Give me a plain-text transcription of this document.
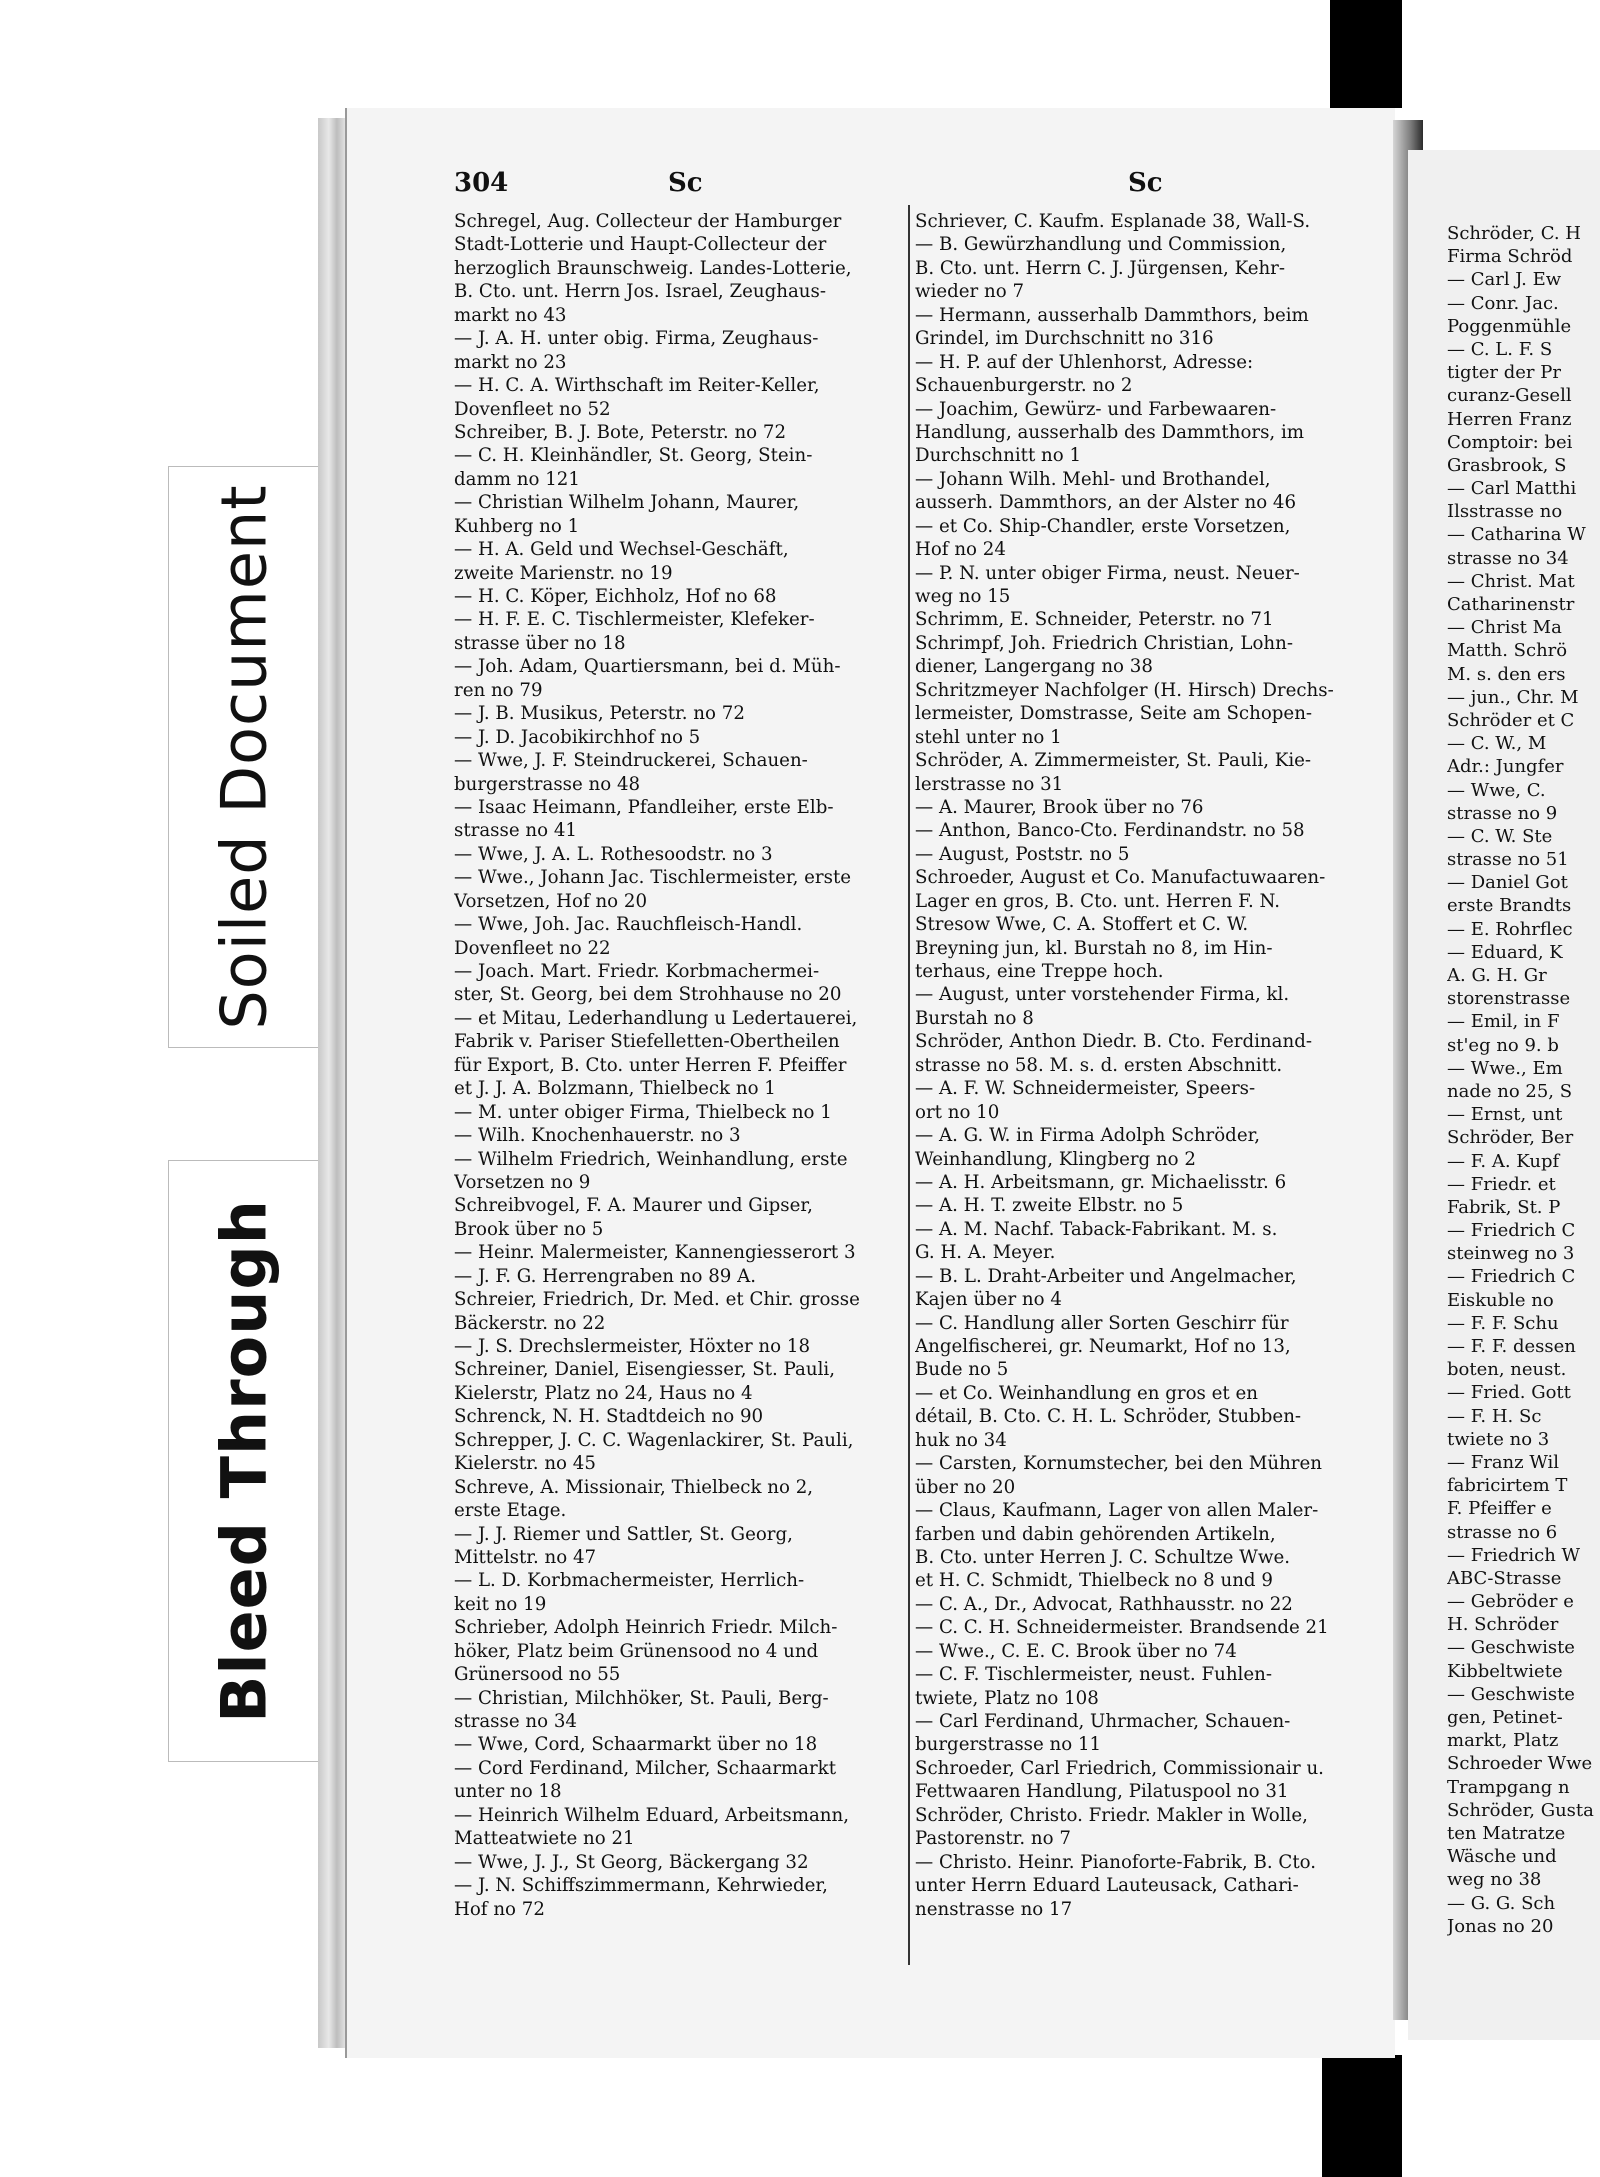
Soiled Document
Bleed Through
304	Sc	Sc
Schregel, Aug. Collecteur der Hamburger
Stadt-Lotterie und Haupt-Collecteur der
herzoglich Braunschweig. Landes-Lotterie,
B. Cto. unt. Herrn Jos. Israel, Zeughaus-
markt no 43
— J. A. H. unter obig. Firma, Zeughaus-
markt no 23
— H. C. A. Wirthschaft im Reiter-Keller,
Dovenfleet no 52
Schreiber, B. J. Bote, Peterstr. no 72
— C. H. Kleinhändler, St. Georg, Stein-
damm no 121
— Christian Wilhelm Johann, Maurer,
Kuhberg no 1
— H. A. Geld und Wechsel-Geschäft,
zweite Marienstr. no 19
— H. C. Köper, Eichholz, Hof no 68
— H. F. E. C. Tischlermeister, Klefeker-
strasse über no 18
— Joh. Adam, Quartiersmann, bei d. Müh-
ren no 79
— J. B. Musikus, Peterstr. no 72
— J. D. Jacobikirchhof no 5
— Wwe, J. F. Steindruckerei, Schauen-
burgerstrasse no 48
— Isaac Heimann, Pfandleiher, erste Elb-
strasse no 41
— Wwe, J. A. L. Rothesoodstr. no 3
— Wwe., Johann Jac. Tischlermeister, erste
Vorsetzen, Hof no 20
— Wwe, Joh. Jac. Rauchfleisch-Handl.
Dovenfleet no 22
— Joach. Mart. Friedr. Korbmachermei-
ster, St. Georg, bei dem Strohhause no 20
— et Mitau, Lederhandlung u Ledertauerei,
Fabrik v. Pariser Stiefelletten-Obertheilen
für Export, B. Cto. unter Herren F. Pfeiffer
et J. J. A. Bolzmann, Thielbeck no 1
— M. unter obiger Firma, Thielbeck no 1
— Wilh. Knochenhauerstr. no 3
— Wilhelm Friedrich, Weinhandlung, erste
Vorsetzen no 9
Schreibvogel, F. A. Maurer und Gipser,
Brook über no 5
— Heinr. Malermeister, Kannengiesserort 3
— J. F. G. Herrengraben no 89 A.
Schreier, Friedrich, Dr. Med. et Chir. grosse
Bäckerstr. no 22
— J. S. Drechslermeister, Höxter no 18
Schreiner, Daniel, Eisengiesser, St. Pauli,
Kielerstr, Platz no 24, Haus no 4
Schrenck, N. H. Stadtdeich no 90
Schrepper, J. C. C. Wagenlackirer, St. Pauli,
Kielerstr. no 45
Schreve, A. Missionair, Thielbeck no 2,
erste Etage.
— J. J. Riemer und Sattler, St. Georg,
Mittelstr. no 47
— L. D. Korbmachermeister, Herrlich-
keit no 19
Schrieber, Adolph Heinrich Friedr. Milch-
höker, Platz beim Grünensood no 4 und
Grünersood no 55
— Christian, Milchhöker, St. Pauli, Berg-
strasse no 34
— Wwe, Cord, Schaarmarkt über no 18
— Cord Ferdinand, Milcher, Schaarmarkt
unter no 18
— Heinrich Wilhelm Eduard, Arbeitsmann,
Matteatwiete no 21
— Wwe, J. J., St Georg, Bäckergang 32
— J. N. Schiffszimmermann, Kehrwieder,
Hof no 72
Schriever, C. Kaufm. Esplanade 38, Wall-S.
— B. Gewürzhandlung und Commission,
B. Cto. unt. Herrn C. J. Jürgensen, Kehr-
wieder no 7
— Hermann, ausserhalb Dammthors, beim
Grindel, im Durchschnitt no 316
— H. P. auf der Uhlenhorst, Adresse:
Schauenburgerstr. no 2
— Joachim, Gewürz- und Farbewaaren-
Handlung, ausserhalb des Dammthors, im
Durchschnitt no 1
— Johann Wilh. Mehl- und Brothandel,
ausserh. Dammthors, an der Alster no 46
— et Co. Ship-Chandler, erste Vorsetzen,
Hof no 24
— P. N. unter obiger Firma, neust. Neuer-
weg no 15
Schrimm, E. Schneider, Peterstr. no 71
Schrimpf, Joh. Friedrich Christian, Lohn-
diener, Langergang no 38
Schritzmeyer Nachfolger (H. Hirsch) Drechs-
lermeister, Domstrasse, Seite am Schopen-
stehl unter no 1
Schröder, A. Zimmermeister, St. Pauli, Kie-
lerstrasse no 31
— A. Maurer, Brook über no 76
— Anthon, Banco-Cto. Ferdinandstr. no 58
— August, Poststr. no 5
Schroeder, August et Co. Manufactuwaaren-
Lager en gros, B. Cto. unt. Herren F. N.
Stresow Wwe, C. A. Stoffert et C. W.
Breyning jun, kl. Burstah no 8, im Hin-
terhaus, eine Treppe hoch.
— August, unter vorstehender Firma, kl.
Burstah no 8
Schröder, Anthon Diedr. B. Cto. Ferdinand-
strasse no 58. M. s. d. ersten Abschnitt.
— A. F. W. Schneidermeister, Speers-
ort no 10
— A. G. W. in Firma Adolph Schröder,
Weinhandlung, Klingberg no 2
— A. H. Arbeitsmann, gr. Michaelisstr. 6
— A. H. T. zweite Elbstr. no 5
— A. M. Nachf. Taback-Fabrikant. M. s.
G. H. A. Meyer.
— B. L. Draht-Arbeiter und Angelmacher,
Kajen über no 4
— C. Handlung aller Sorten Geschirr für
Angelfischerei, gr. Neumarkt, Hof no 13,
Bude no 5
— et Co. Weinhandlung en gros et en
détail, B. Cto. C. H. L. Schröder, Stubben-
huk no 34
— Carsten, Kornumstecher, bei den Mühren
über no 20
— Claus, Kaufmann, Lager von allen Maler-
farben und dabin gehörenden Artikeln,
B. Cto. unter Herren J. C. Schultze Wwe.
et H. C. Schmidt, Thielbeck no 8 und 9
— C. A., Dr., Advocat, Rathhausstr. no 22
— C. C. H. Schneidermeister. Brandsende 21
— Wwe., C. E. C. Brook über no 74
— C. F. Tischlermeister, neust. Fuhlen-
twiete, Platz no 108
— Carl Ferdinand, Uhrmacher, Schauen-
burgerstrasse no 11
Schroeder, Carl Friedrich, Commissionair u.
Fettwaaren Handlung, Pilatuspool no 31
Schröder, Christo. Friedr. Makler in Wolle,
Pastorenstr. no 7
— Christo. Heinr. Pianoforte-Fabrik, B. Cto.
unter Herrn Eduard Lauteusack, Cathari-
nenstrasse no 17
Schröder, C. H
Firma Schröd
— Carl J. Ew
— Conr. Jac.
Poggenmühle
— C. L. F. S
tigter der Pr
curanz-Gesell
Herren Franz
Comptoir: bei
Grasbrook, S
— Carl Matthi
Ilsstrasse no
— Catharina W
strasse no 34
— Christ. Mat
Catharinenstr
— Christ Ma
Matth. Schrö
M. s. den ers
— jun., Chr. M
Schröder et C
— C. W., M
Adr.: Jungfer
— Wwe, C.
strasse no 9
— C. W. Ste
strasse no 51
— Daniel Got
erste Brandts
— E. Rohrflec
— Eduard, K
A. G. H. Gr
storenstrasse
— Emil, in F
st'eg no 9. b
— Wwe., Em
nade no 25, S
— Ernst, unt
Schröder, Ber
— F. A. Kupf
— Friedr. et
Fabrik, St. P
— Friedrich C
steinweg no 3
— Friedrich C
Eiskuble no
— F. F. Schu
— F. F. dessen
boten, neust.
— Fried. Gott
— F. H. Sc
twiete no 3
— Franz Wil
fabricirtem T
F. Pfeiffer e
strasse no 6
— Friedrich W
ABC-Strasse
— Gebröder e
H. Schröder
— Geschwiste
Kibbeltwiete
— Geschwiste
gen, Petinet-
markt, Platz
Schroeder Wwe
Trampgang n
Schröder, Gusta
ten Matratze
Wäsche und
weg no 38
— G. G. Sch
Jonas no 20
